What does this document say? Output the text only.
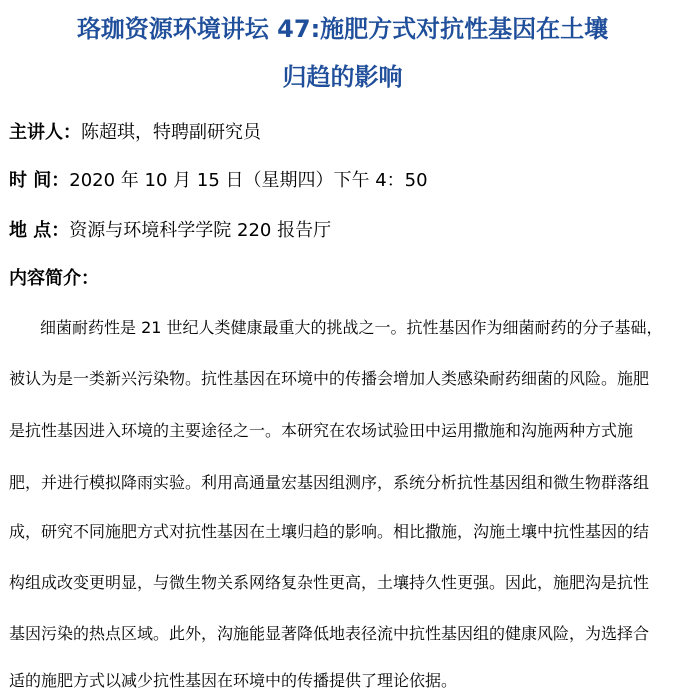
珞珈资源环境讲坛 47:施肥方式对抗性基因在土壤
归趋的影响
主讲人：陈超琪，特聘副研究员
时 间：2020 年 10 月 15 日（星期四）下午 4：50
地 点：资源与环境科学学院 220 报告厅
内容简介：
细菌耐药性是 21 世纪人类健康最重大的挑战之一。抗性基因作为细菌耐药的分子基础，
被认为是一类新兴污染物。抗性基因在环境中的传播会增加人类感染耐药细菌的风险。施肥
是抗性基因进入环境的主要途径之一。本研究在农场试验田中运用撒施和沟施两种方式施
肥，并进行模拟降雨实验。利用高通量宏基因组测序，系统分析抗性基因组和微生物群落组
成，研究不同施肥方式对抗性基因在土壤归趋的影响。相比撒施，沟施土壤中抗性基因的结
构组成改变更明显，与微生物关系网络复杂性更高，土壤持久性更强。因此，施肥沟是抗性
基因污染的热点区域。此外，沟施能显著降低地表径流中抗性基因组的健康风险，为选择合
适的施肥方式以减少抗性基因在环境中的传播提供了理论依据。
